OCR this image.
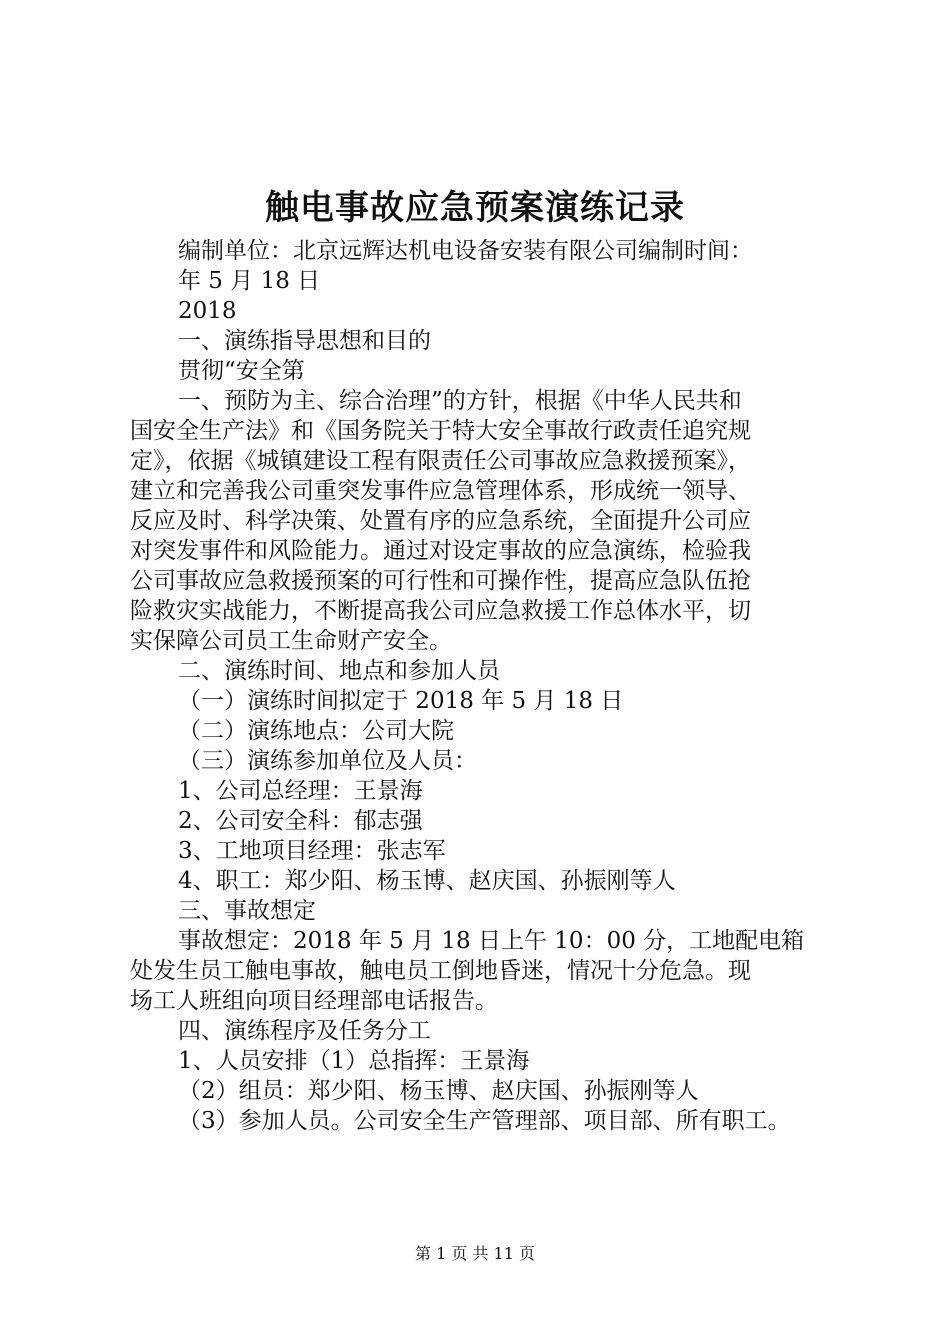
触电事故应急预案演练记录
编制单位：北京远辉达机电设备安装有限公司编制时间：
年 5 月 18 日
2018
一、演练指导思想和目的
贯彻“安全第
一、预防为主、综合治理”的方针，根据《中华人民共和
国安全生产法》和《国务院关于特大安全事故行政责任追究规
定》，依据《城镇建设工程有限责任公司事故应急救援预案》，
建立和完善我公司重突发事件应急管理体系，形成统一领导、
反应及时、科学决策、处置有序的应急系统，全面提升公司应
对突发事件和风险能力。通过对设定事故的应急演练，检验我
公司事故应急救援预案的可行性和可操作性，提高应急队伍抢
险救灾实战能力，不断提高我公司应急救援工作总体水平，切
实保障公司员工生命财产安全。
二、演练时间、地点和参加人员
（一）演练时间拟定于 2018 年 5 月 18 日
（二）演练地点：公司大院
（三）演练参加单位及人员：
1、公司总经理：王景海
2、公司安全科：郁志强
3、工地项目经理：张志军
4、职工：郑少阳、杨玉博、赵庆国、孙振刚等人
三、事故想定
事故想定：2018 年 5 月 18 日上午 10：00 分，工地配电箱
处发生员工触电事故，触电员工倒地昏迷，情况十分危急。现
场工人班组向项目经理部电话报告。
四、演练程序及任务分工
1、人员安排（1）总指挥：王景海
（2）组员：郑少阳、杨玉博、赵庆国、孙振刚等人
（3）参加人员。公司安全生产管理部、项目部、所有职工。
第 1 页 共 11 页
